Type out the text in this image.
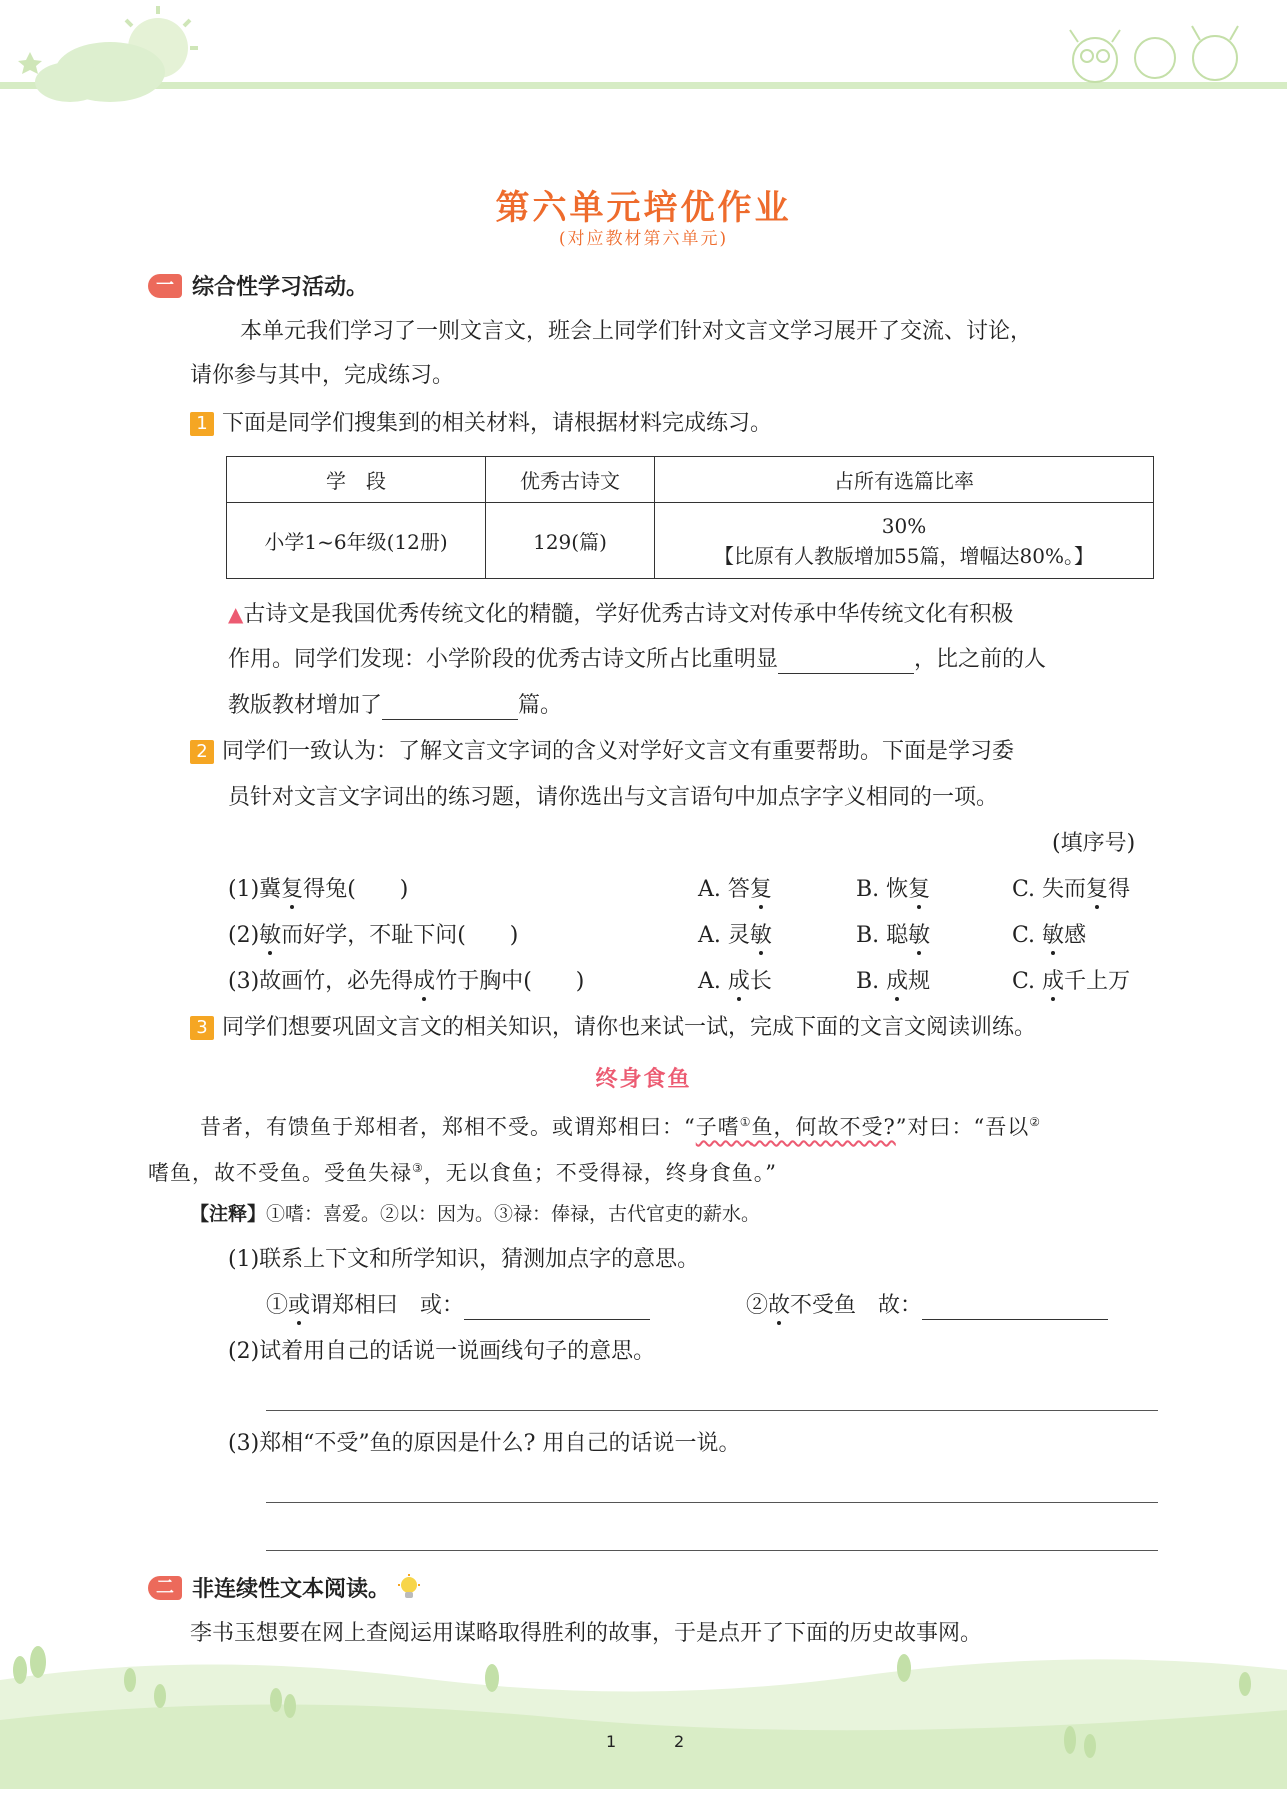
第六单元培优作业
(对应教材第六单元)
一 综合性学习活动。
本单元我们学习了一则文言文，班会上同学们针对文言文学习展开了交流、讨论，
请你参与其中，完成练习。
1 下面是同学们搜集到的相关材料，请根据材料完成练习。
学　段	优秀古诗文	占所有选篇比率
小学1~6年级(12册)	129(篇)	30%
【比原有人教版增加55篇，增幅达80%。】
▲古诗文是我国优秀传统文化的精髓，学好优秀古诗文对传承中华传统文化有积极
作用。同学们发现：小学阶段的优秀古诗文所占比重明显	，比之前的人
教版教材增加了	篇。
2 同学们一致认为：了解文言文字词的含义对学好文言文有重要帮助。下面是学习委
员针对文言文字词出的练习题，请你选出与文言语句中加点字字义相同的一项。
(填序号)
(1)冀复得兔(　　)	A. 答复	B. 恢复	C. 失而复得
(2)敏而好学，不耻下问(　　)	A. 灵敏	B. 聪敏	C. 敏感
(3)故画竹，必先得成竹于胸中(　　)	A. 成长	B. 成规	C. 成千上万
3 同学们想要巩固文言文的相关知识，请你也来试一试，完成下面的文言文阅读训练。
终身食鱼
昔者，有馈鱼于郑相者，郑相不受。或谓郑相曰：“子嗜①鱼，何故不受?”对曰：“吾以②
嗜鱼，故不受鱼。受鱼失禄③，无以食鱼；不受得禄，终身食鱼。”
【注释】①嗜：喜爱。②以：因为。③禄：俸禄，古代官吏的薪水。
(1)联系上下文和所学知识，猜测加点字的意思。
①或谓郑相曰　或：	②故不受鱼　故：
(2)试着用自己的话说一说画线句子的意思。
(3)郑相“不受”鱼的原因是什么? 用自己的话说一说。
二 非连续性文本阅读。
李书玉想要在网上查阅运用谋略取得胜利的故事，于是点开了下面的历史故事网。
1	2
